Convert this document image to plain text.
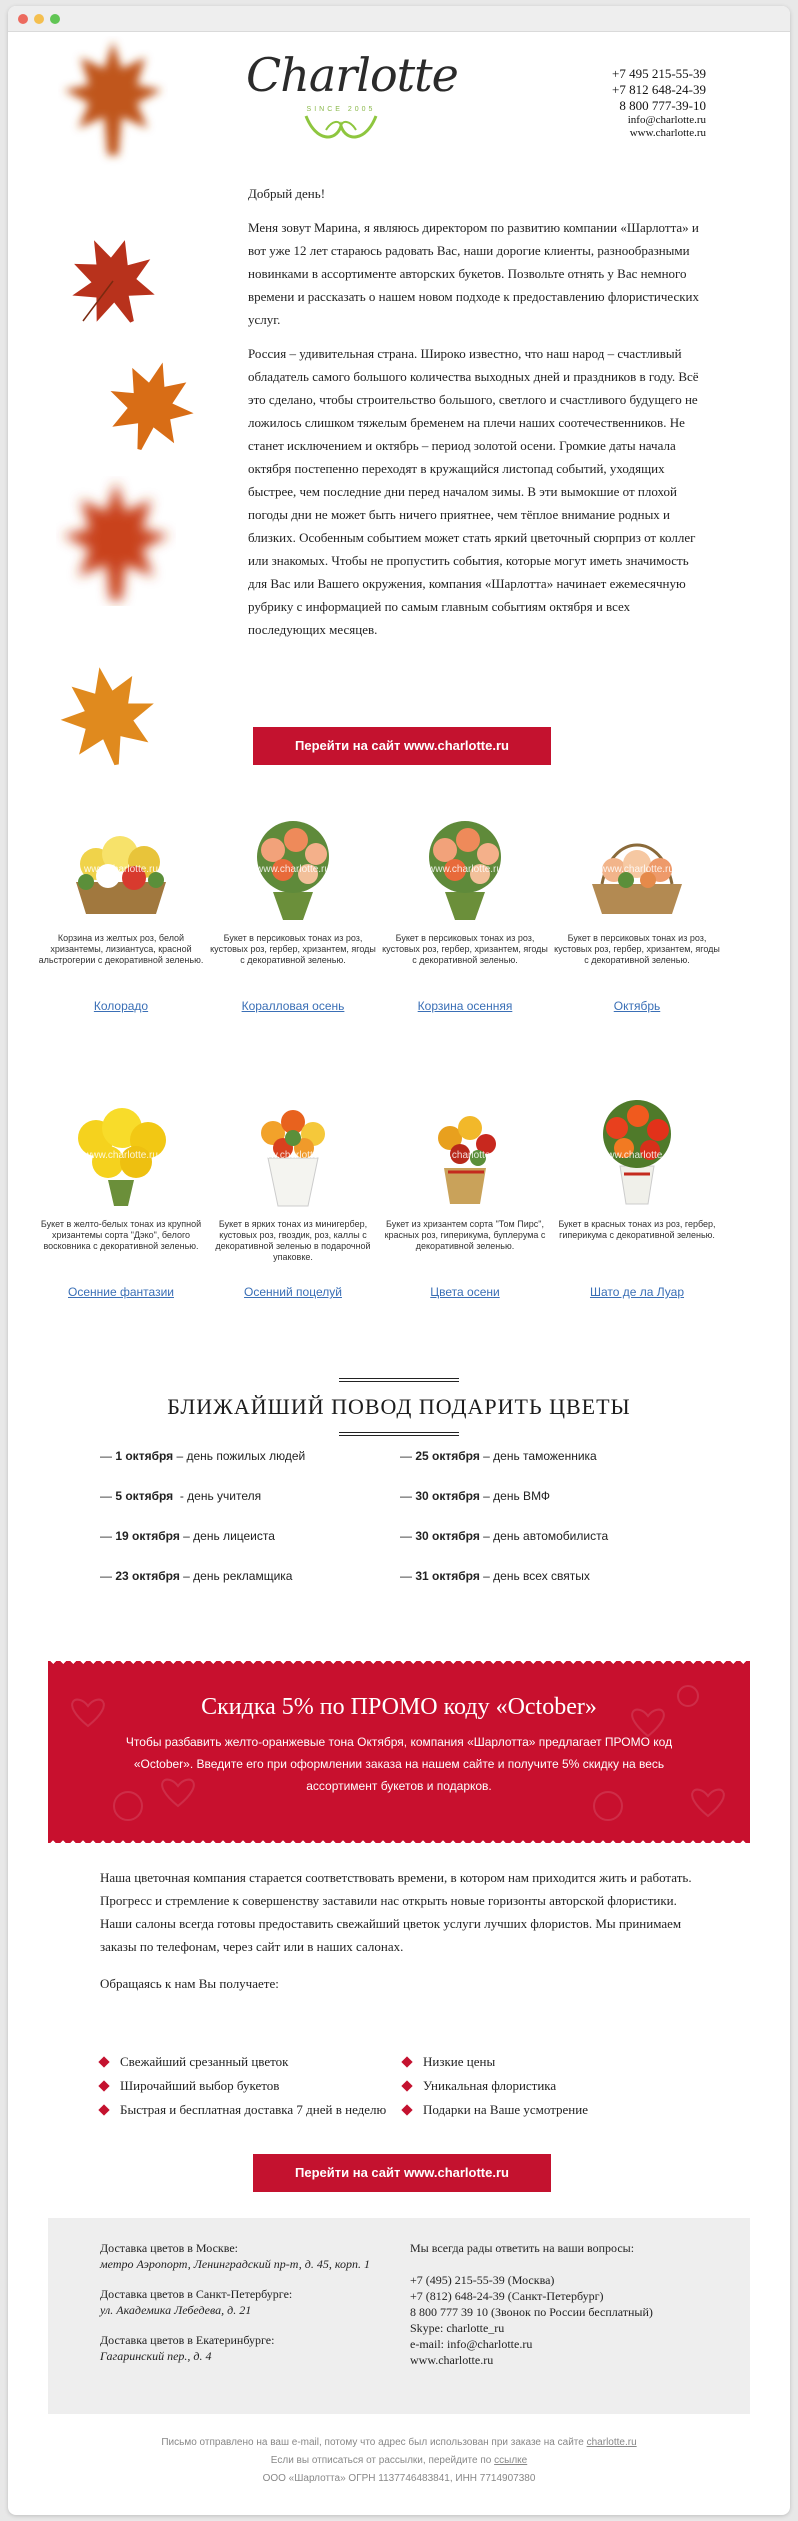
Charlotte
SINCE 2005
+7 495 215-55-39
+7 812 648-24-39
8 800 777-39-10
info@charlotte.ru
www.charlotte.ru

Добрый день!

Меня зовут Марина, я являюсь директором по развитию компании «Шарлотта» и вот уже 12 лет стараюсь радовать Вас, наши дорогие клиенты, разнообразными новинками в ассортименте авторских букетов. Позвольте отнять у Вас немного времени и рассказать о нашем новом подходе к предоставлению флористических услуг.

Россия – удивительная страна. Широко известно, что наш народ – счастливый обладатель самого большого количества выходных дней и праздников в году. Всё это сделано, чтобы строительство большого, светлого и счастливого будущего не ложилось слишком тяжелым бременем на плечи наших соотечественников. Не станет исключением и октябрь – период золотой осени. Громкие даты начала октября постепенно переходят в кружащийся листопад событий, уходящих быстрее, чем последние дни перед началом зимы. В эти вымокшие от плохой погоды дни не может быть ничего приятнее, чем тёплое внимание родных и близких. Особенным событием может стать яркий цветочный сюрприз от коллег или знакомых. Чтобы не пропустить события, которые могут иметь значимость для Вас или Вашего окружения, компания «Шарлотта» начинает ежемесячную рубрику с информацией по самым главным событиям октября и всех последующих месяцев.

Перейти на сайт www.charlotte.ru
www.charlotte.ru
Корзина из желтых роз, белой хризантемы, лизиантуса, красной альстрогерии с декоративной зеленью.
Колорадо
www.charlotte.ru
Букет в персиковых тонах из роз, кустовых роз, гербер, хризантем, ягоды с декоративной зеленью.
Коралловая осень
www.charlotte.ru
Букет в персиковых тонах из роз, кустовых роз, гербер, хризантем, ягоды с декоративной зеленью.
Корзина осенняя
www.charlotte.ru
Букет в персиковых тонах из роз, кустовых роз, гербер, хризантем, ягоды с декоративной зеленью.
Октябрь
www.charlotte.ru
Букет в желто-белых тонах из крупной хризантемы сорта "Дэко", белого восковника с декоративной зеленью.
Осенние фантазии
www.charlotte.ru
Букет в ярких тонах из минигербер, кустовых роз, гвоздик, роз, каллы с декоративной зеленью в подарочной упаковке.
Осенний поцелуй
www.charlotte.ru
Букет из хризантем сорта "Том Пирс", красных роз, гиперикума, буплерума с декоративной зеленью.
Цвета осени
www.charlotte.ru
Букет в красных тонах из роз, гербер, гиперикума с декоративной зеленью.
Шато де ла Луар
БЛИЖАЙШИЙ ПОВОД ПОДАРИТЬ ЦВЕТЫ
— 1 октября – день пожилых людей
— 5 октября  - день учителя
— 19 октября – день лицеиста
— 23 октября – день рекламщика
— 25 октября – день таможенника
— 30 октября – день ВМФ
— 30 октября – день автомобилиста
— 31 октября – день всех святых
Скидка 5% по ПРОМО коду «October»

Чтобы разбавить желто-оранжевые тона Октября, компания «Шарлотта» предлагает ПРОМО код «October». Введите его при оформлении заказа на нашем сайте и получите 5% скидку на весь ассортимент букетов и подарков.

Наша цветочная компания старается соответствовать времени, в котором нам приходится жить и работать. Прогресс и стремление к совершенству заставили нас открыть новые горизонты авторской флористики. Наши салоны всегда готовы предоставить свежайший цветок услуги лучших флористов. Мы принимаем заказы по телефонам, через сайт или в наших салонах.

Обращаясь к нам Вы получаете:

Свежайший срезанный цветок
Широчайший выбор букетов
Быстрая и бесплатная доставка 7 дней в неделю
Низкие цены
Уникальная флористика
Подарки на Ваше усмотрение
Перейти на сайт www.charlotte.ru
Доставка цветов в Москве:
метро Аэропорт, Ленинградский пр-т, д. 45, корп. 1
Доставка цветов в Санкт-Петербурге:
ул. Академика Лебедева, д. 21
Доставка цветов в Екатеринбурге:
Гагаринский пер., д. 4
Мы всегда рады ответить на ваши вопросы:
+7 (495) 215-55-39 (Москва)
+7 (812) 648-24-39 (Санкт-Петербург)
8 800 777 39 10 (Звонок по России бесплатный)
Skype: charlotte_ru
e-mail: info@charlotte.ru
www.charlotte.ru
Письмо отправлено на ваш e-mail, потому что адрес был использован при заказе на сайте charlotte.ru
Если вы отписаться от рассылки, перейдите по ссылке
ООО «Шарлотта» ОГРН 1137746483841, ИНН 7714907380
